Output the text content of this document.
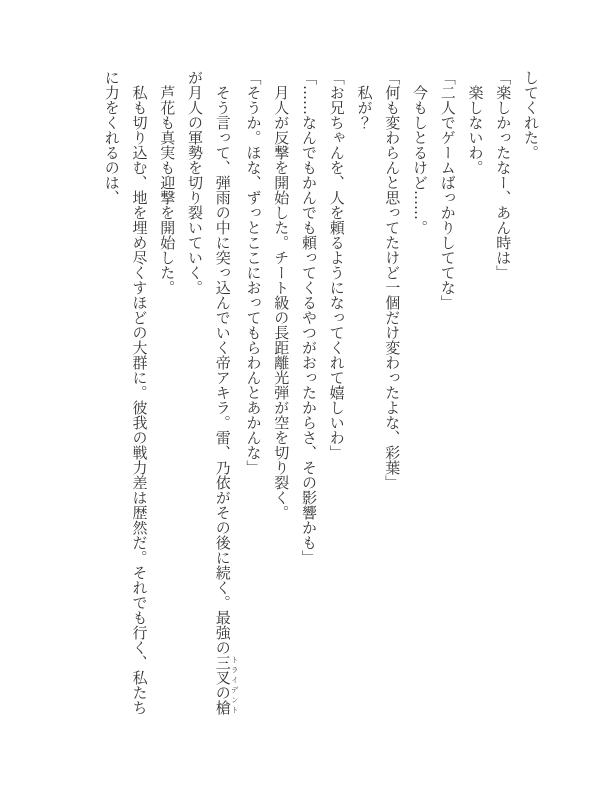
してくれた。

「楽しかったなー、あん時は」

楽しないわ。

「二人でゲームばっかりしててな」

今もしとるけど……。

「何も変わらんと思ってたけど一個だけ変わったよな、彩葉」

私が？

「お兄ちゃんを、人を頼るようになってくれて嬉しいわ」

「……なんでもかんでも頼ってくるやつがおったからさ、その影響かも」

月人が反撃を開始した。チート級の長距離光弾が空を切り裂く。

「そうか。ほな、ずっとここにおってもらわんとあかんな」

そう言って、弾雨の中に突っ込んでいく帝アキラ。雷、乃依がその後に続く。最強の三叉の槍トライデントが月人の軍勢を切り裂いていく。

芦花も真実も迎撃を開始した。

私も切り込む、地を埋め尽くすほどの大群に。彼我の戦力差は歴然だ。それでも行く、私たちに力をくれるのは、
